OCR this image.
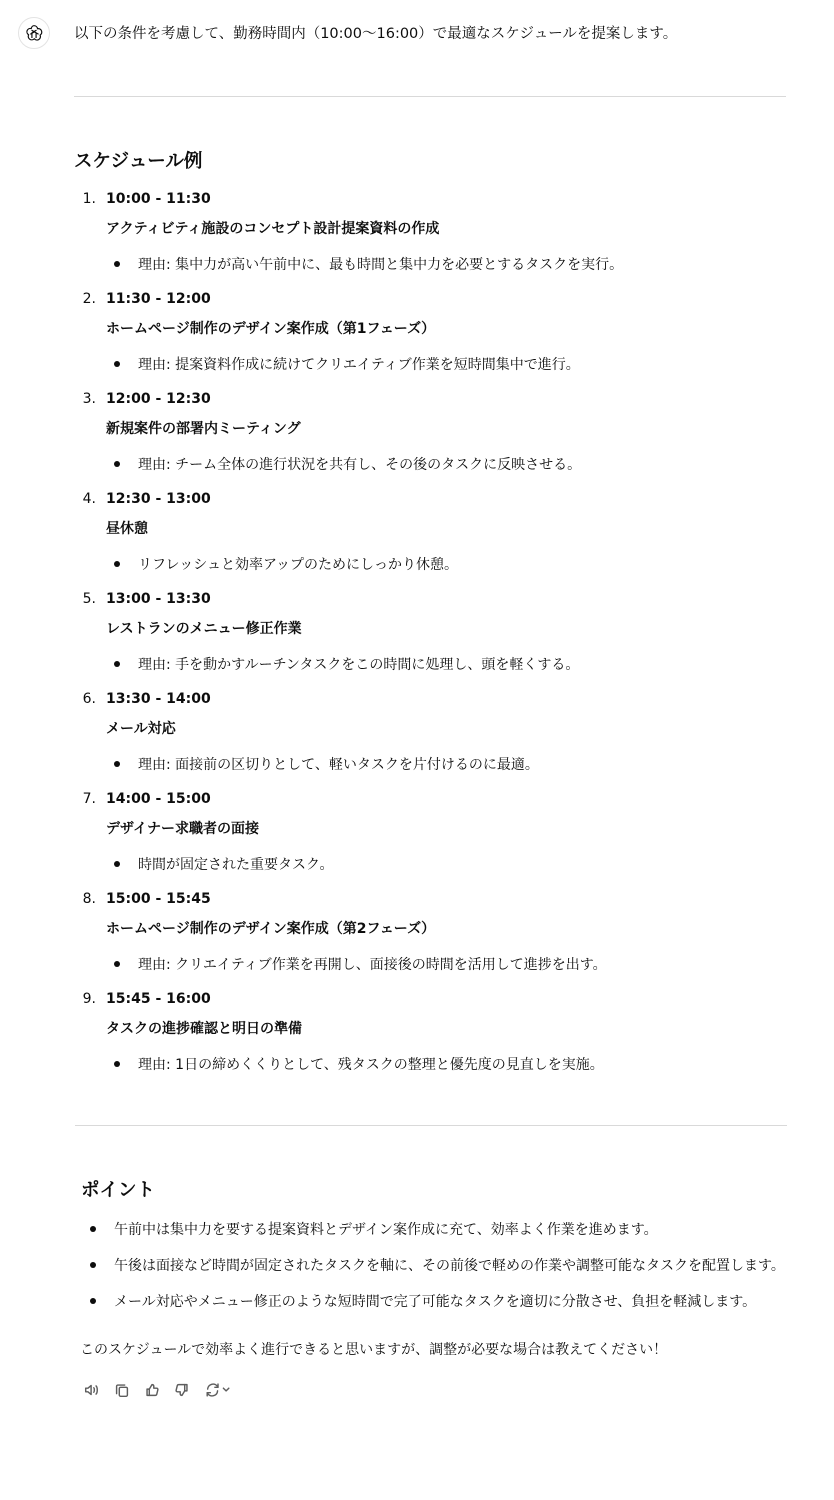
以下の条件を考慮して、勤務時間内（10:00〜16:00）で最適なスケジュールを提案します。
スケジュール例
1. 10:00 - 11:30
アクティビティ施設のコンセプト設計提案資料の作成
理由: 集中力が高い午前中に、最も時間と集中力を必要とするタスクを実行。
2. 11:30 - 12:00
ホームページ制作のデザイン案作成（第1フェーズ）
理由: 提案資料作成に続けてクリエイティブ作業を短時間集中で進行。
3. 12:00 - 12:30
新規案件の部署内ミーティング
理由: チーム全体の進行状況を共有し、その後のタスクに反映させる。
4. 12:30 - 13:00
昼休憩
リフレッシュと効率アップのためにしっかり休憩。
5. 13:00 - 13:30
レストランのメニュー修正作業
理由: 手を動かすルーチンタスクをこの時間に処理し、頭を軽くする。
6. 13:30 - 14:00
メール対応
理由: 面接前の区切りとして、軽いタスクを片付けるのに最適。
7. 14:00 - 15:00
デザイナー求職者の面接
時間が固定された重要タスク。
8. 15:00 - 15:45
ホームページ制作のデザイン案作成（第2フェーズ）
理由: クリエイティブ作業を再開し、面接後の時間を活用して進捗を出す。
9. 15:45 - 16:00
タスクの進捗確認と明日の準備
理由: 1日の締めくくりとして、残タスクの整理と優先度の見直しを実施。
ポイント
午前中は集中力を要する提案資料とデザイン案作成に充て、効率よく作業を進めます。
午後は面接など時間が固定されたタスクを軸に、その前後で軽めの作業や調整可能なタスクを配置します。
メール対応やメニュー修正のような短時間で完了可能なタスクを適切に分散させ、負担を軽減します。
このスケジュールで効率よく進行できると思いますが、調整が必要な場合は教えてください！
